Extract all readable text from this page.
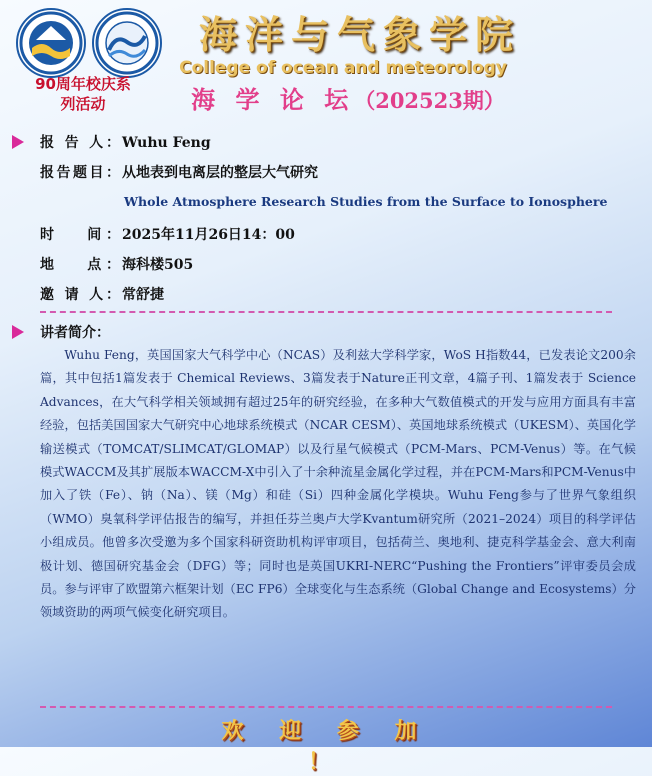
90周年校庆系
列活动
海洋与气象学院
College of ocean and meteorology
海 学 论 坛（202523期）
报 告 人： Wuhu Feng
报告题目： 从地表到电离层的整层大气研究
Whole Atmosphere Research Studies from the Surface to Ionosphere
时　 间： 2025年11月26日14：00
地　 点： 海科楼505
邀 请 人： 常舒捷
讲者简介：

Wuhu Feng，英国国家大气科学中心（NCAS）及利兹大学科学家，WoS H指数44，已发表论文200余篇，其中包括1篇发表于 Chemical Reviews、3篇发表于Nature正刊文章，4篇子刊、1篇发表于 Science Advances，在大气科学相关领域拥有超过25年的研究经验，在多种大气数值模式的开发与应用方面具有丰富经验，包括美国国家大气研究中心地球系统模式（NCAR CESM）、英国地球系统模式（UKESM）、英国化学输送模式（TOMCAT/SLIMCAT/GLOMAP）以及行星气候模式（PCM-Mars、PCM-Venus）等。在气候模式WACCM及其扩展版本WACCM-X中引入了十余种流星金属化学过程，并在PCM-Mars和PCM-Venus中加入了铁（Fe）、钠（Na）、镁（Mg）和硅（Si）四种金属化学模块。Wuhu Feng参与了世界气象组织（WMO）臭氧科学评估报告的编写，并担任芬兰奥卢大学Kvantum研究所（2021–2024）项目的科学评估小组成员。他曾多次受邀为多个国家科研资助机构评审项目，包括荷兰、奥地利、捷克科学基金会、意大利南极计划、德国研究基金会（DFG）等；同时也是英国UKRI-NERC“Pushing the Frontiers”评审委员会成员。参与评审了欧盟第六框架计划（EC FP6）全球变化与生态系统（Global Change and Ecosystems）分领域资助的两项气候变化研究项目。

欢 迎 参 加 ！
